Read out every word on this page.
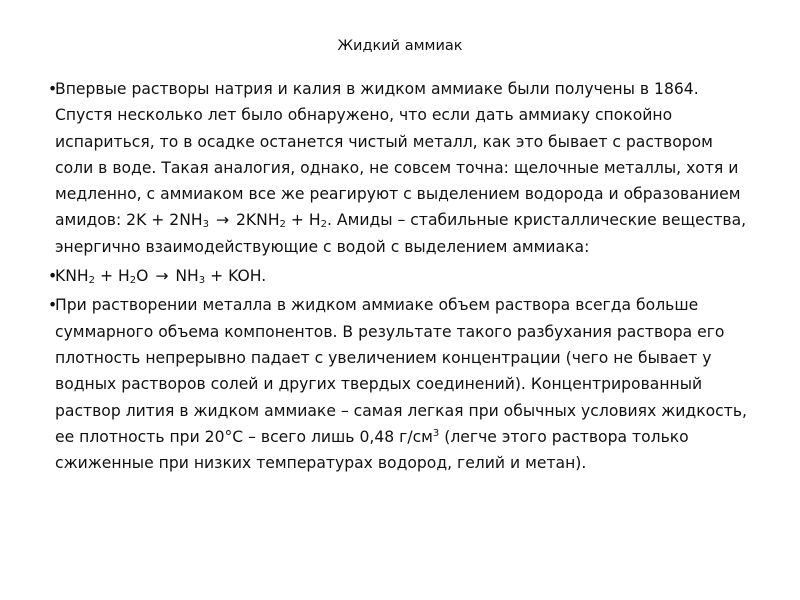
Жидкий аммиак
•
Впервые растворы натрия и калия в жидком аммиаке были получены в 1864. Спустя несколько лет было обнаружено, что если дать аммиаку спокойно испариться, то в осадке останется чистый металл, как это бывает с раствором соли в воде. Такая аналогия, однако, не совсем точна: щелочные металлы, хотя и медленно, с аммиаком все же реагируют с выделением водорода и образованием амидов: $2K + 2NH_3 \to 2KNH_2 + H_2$. Амиды – стабильные кристаллические вещества, энергично взаимодействующие с водой с выделением аммиака:
•
$KNH_2 + H_2O \to NH_3$ + KOH.
•
При растворении металла в жидком аммиаке объем раствора всегда больше суммарного объема компонентов. В результате такого разбухания раствора его плотность непрерывно падает с увеличением концентрации (чего не бывает у водных растворов солей и других твердых соединений). Концентрированный раствор лития в жидком аммиаке – самая легкая при обычных условиях жидкость, ее плотность при 20°С – всего лишь 0,48 $г/см^3$ (легче этого раствора только сжиженные при низких температурах водород, гелий и метан).
